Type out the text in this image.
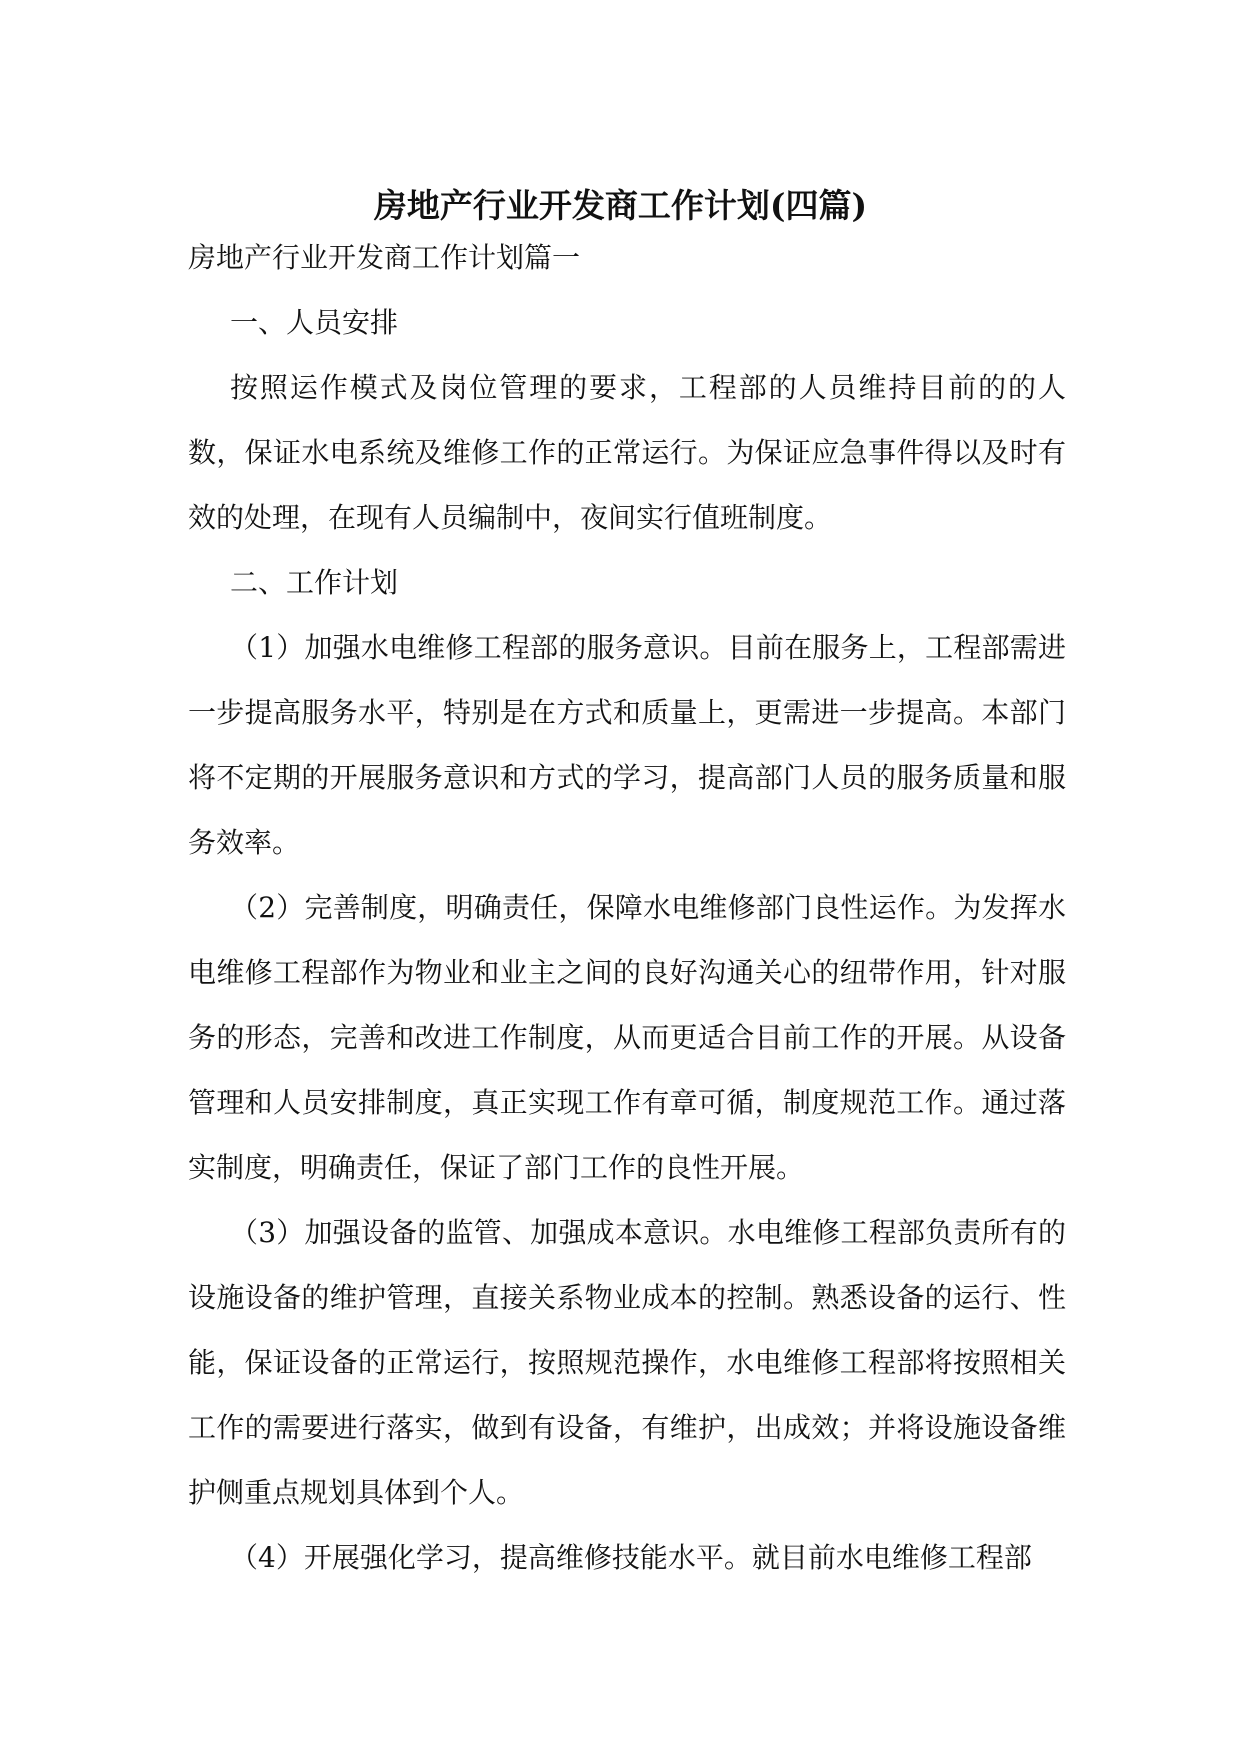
房地产行业开发商工作计划(四篇)

房地产行业开发商工作计划篇一

一、人员安排

按照运作模式及岗位管理的要求，工程部的人员维持目前的的人数，保证水电系统及维修工作的正常运行。为保证应急事件得以及时有效的处理，在现有人员编制中，夜间实行值班制度。

二、工作计划

（1）加强水电维修工程部的服务意识。目前在服务上，工程部需进一步提高服务水平，特别是在方式和质量上，更需进一步提高。本部门将不定期的开展服务意识和方式的学习，提高部门人员的服务质量和服务效率。

（2）完善制度，明确责任，保障水电维修部门良性运作。为发挥水电维修工程部作为物业和业主之间的良好沟通关心的纽带作用，针对服务的形态，完善和改进工作制度，从而更适合目前工作的开展。从设备管理和人员安排制度，真正实现工作有章可循，制度规范工作。通过落实制度，明确责任，保证了部门工作的良性开展。

（3）加强设备的监管、加强成本意识。水电维修工程部负责所有的设施设备的维护管理，直接关系物业成本的控制。熟悉设备的运行、性能，保证设备的正常运行，按照规范操作，水电维修工程部将按照相关工作的需要进行落实，做到有设备，有维护，出成效；并将设施设备维护侧重点规划具体到个人。

（4）开展强化学习，提高维修技能水平。就目前水电维修工程部
